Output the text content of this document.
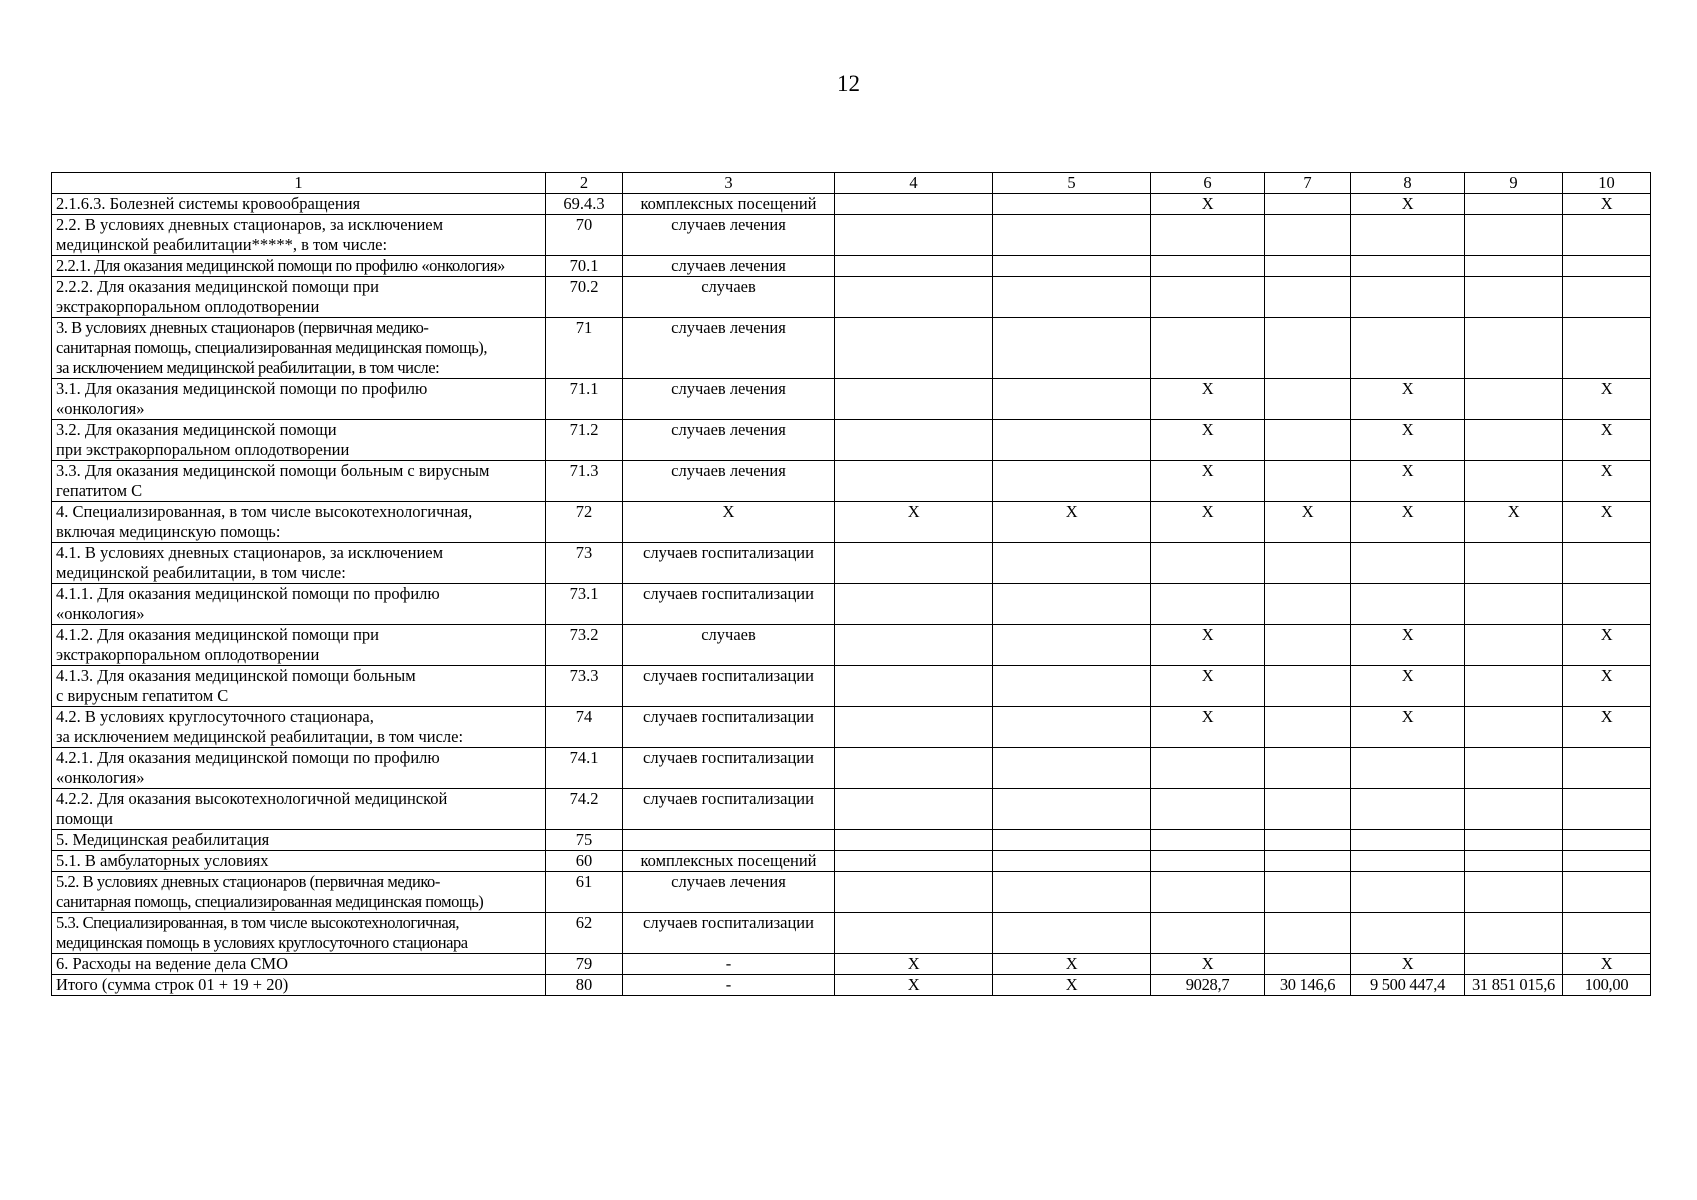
12
1	2	3	4	5	6	7	8	9	10

2.1.6.3. Болезней системы кровообращения	69.4.3	комплексных посещений			X		X		X

2.2. В условиях дневных стационаров, за исключением
медицинской реабилитации*****, в том числе:	70	случаев лечения							

2.2.1. Для оказания медицинской помощи по профилю «онкология»	70.1	случаев лечения							

2.2.2. Для оказания медицинской помощи при
экстракорпоральном оплодотворении	70.2	случаев							

3. В условиях дневных стационаров (первичная медико-
санитарная помощь, специализированная медицинская помощь),
за исключением медицинской реабилитации, в том числе:	71	случаев лечения							

3.1. Для оказания медицинской помощи по профилю
«онкология»	71.1	случаев лечения			X		X		X

3.2. Для оказания медицинской помощи
при экстракорпоральном оплодотворении	71.2	случаев лечения			X		X		X

3.3. Для оказания медицинской помощи больным с вирусным
гепатитом С	71.3	случаев лечения			X		X		X

4. Специализированная, в том числе высокотехнологичная,
включая медицинскую помощь:	72	X	X	X	X	X	X	X	X

4.1. В условиях дневных стационаров, за исключением
медицинской реабилитации, в том числе:	73	случаев госпитализации							

4.1.1. Для оказания медицинской помощи по профилю
«онкология»	73.1	случаев госпитализации							

4.1.2. Для оказания медицинской помощи при
экстракорпоральном оплодотворении	73.2	случаев			X		X		X

4.1.3. Для оказания медицинской помощи больным
с вирусным гепатитом С	73.3	случаев госпитализации			X		X		X

4.2. В условиях круглосуточного стационара,
за исключением медицинской реабилитации, в том числе:	74	случаев госпитализации			X		X		X

4.2.1. Для оказания медицинской помощи по профилю
«онкология»	74.1	случаев госпитализации							

4.2.2. Для оказания высокотехнологичной медицинской
помощи	74.2	случаев госпитализации							

5. Медицинская реабилитация	75								

5.1. В амбулаторных условиях	60	комплексных посещений							

5.2. В условиях дневных стационаров (первичная медико-
санитарная помощь, специализированная медицинская помощь)	61	случаев лечения							

5.3. Специализированная, в том числе высокотехнологичная,
медицинская помощь в условиях круглосуточного стационара	62	случаев госпитализации							

6. Расходы на ведение дела СМО	79	-	X	X	X		X		X

Итого (сумма строк 01 + 19 + 20)	80	-	X	X	9028,7	30 146,6	9 500 447,4	31 851 015,6	100,00
